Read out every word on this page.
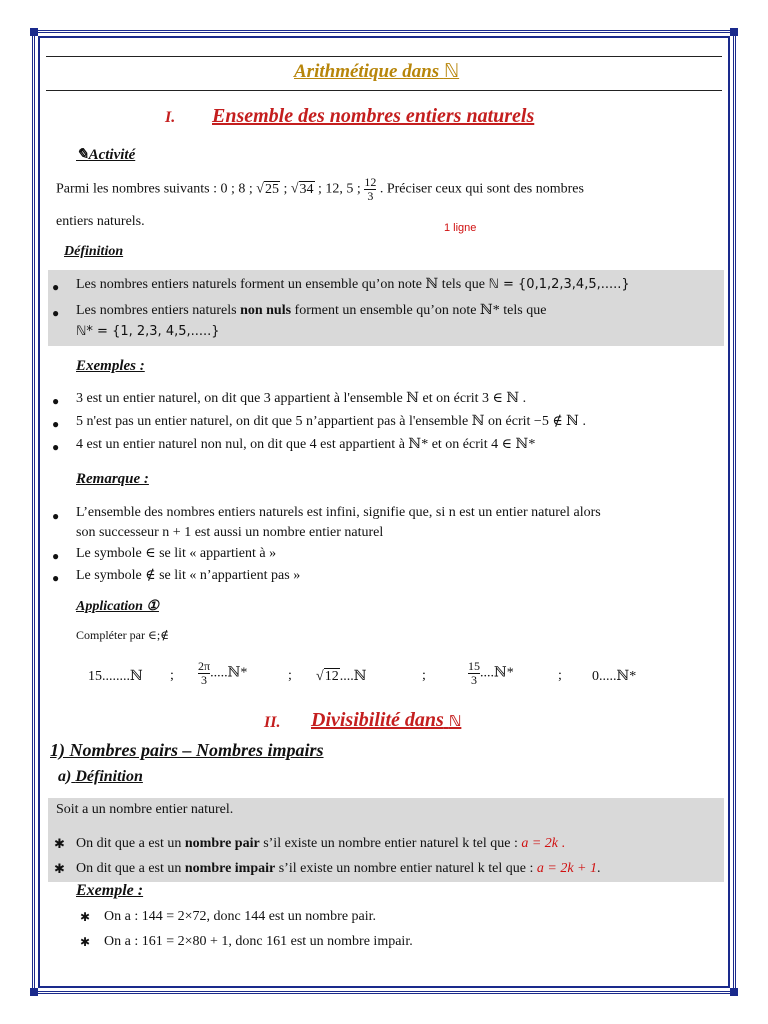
Arithmétique dans ℕ
I. Ensemble des nombres entiers naturels
✎Activité
Parmi les nombres suivants : 0 ; 8 ; √25 ; √34 ; 12, 5 ; $\frac{12}{3}$ . Préciser ceux qui sont des nombres
entiers naturels.	1 ligne
Définition
● Les nombres entiers naturels forment un ensemble qu’on note ℕ tels que ℕ = {0,1,2,3,4,5,.....}
● Les nombres entiers naturels non nuls forment un ensemble qu’on note ℕ* tels que
ℕ* = {1, 2,3, 4,5,.....}
Exemples :
● 3 est un entier naturel, on dit que 3 appartient à l'ensemble ℕ et on écrit 3 ∈ ℕ .
● 5 n'est pas un entier naturel, on dit que 5 n’appartient pas à l'ensemble ℕ on écrit −5 ∉ ℕ .
● 4 est un entier naturel non nul, on dit que 4 est appartient à ℕ* et on écrit 4 ∈ ℕ*
Remarque :
● L’ensemble des nombres entiers naturels est infini, signifie que, si n est un entier naturel alors
son successeur n + 1 est aussi un nombre entier naturel
● Le symbole ∈ se lit « appartient à »
● Le symbole ∉ se lit « n’appartient pas »
Application ①
Compléter par ∈;∉
15........ℕ ; $\frac{2\pi}{3}$ .....ℕ*	; √12....ℕ	;	$\frac{15}{3}$ ....ℕ*	; 0.....ℕ*
II. Divisibilité dans ℕ
1) Nombres pairs – Nombres impairs
a) Définition
Soit a un nombre entier naturel.
✱ On dit que a est un nombre pair s’il existe un nombre entier naturel k tel que : a = 2k .
✱ On dit que a est un nombre impair s’il existe un nombre entier naturel k tel que : a = 2k + 1.
Exemple :
✱ On a : 144 = 2×72, donc 144 est un nombre pair.
✱ On a : 161 = 2×80 + 1, donc 161 est un nombre impair.
